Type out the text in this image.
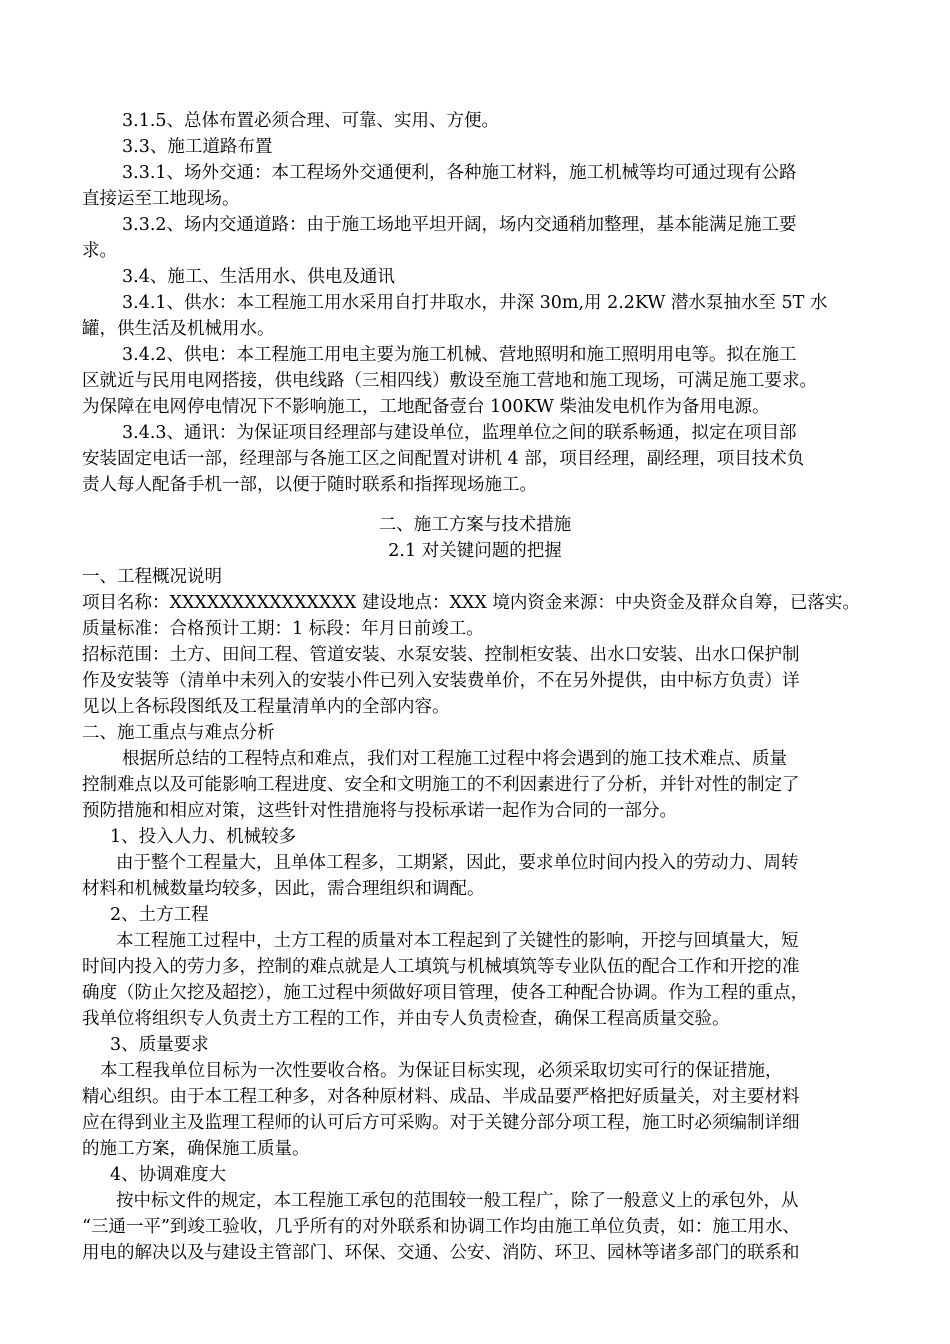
3.1.5、总体布置必须合理、可靠、实用、方便。
3.3、施工道路布置
3.3.1、场外交通：本工程场外交通便利，各种施工材料，施工机械等均可通过现有公路
直接运至工地现场。
3.3.2、场内交通道路：由于施工场地平坦开阔，场内交通稍加整理，基本能满足施工要
求。
3.4、施工、生活用水、供电及通讯
3.4.1、供水：本工程施工用水采用自打井取水，井深 30m,用 2.2KW 潜水泵抽水至 5T 水
罐，供生活及机械用水。
3.4.2、供电：本工程施工用电主要为施工机械、营地照明和施工照明用电等。拟在施工
区就近与民用电网搭接，供电线路（三相四线）敷设至施工营地和施工现场，可满足施工要求。
为保障在电网停电情况下不影响施工，工地配备壹台 100KW 柴油发电机作为备用电源。
3.4.3、通讯：为保证项目经理部与建设单位，监理单位之间的联系畅通，拟定在项目部
安装固定电话一部，经理部与各施工区之间配置对讲机 4 部，项目经理，副经理，项目技术负
责人每人配备手机一部，以便于随时联系和指挥现场施工。
二、施工方案与技术措施
2.1 对关键问题的把握
一、工程概况说明
项目名称：XXXXXXXXXXXXXXX 建设地点：XXX 境内资金来源：中央资金及群众自筹，已落实。
质量标准：合格预计工期：1 标段：年月日前竣工。
招标范围：土方、田间工程、管道安装、水泵安装、控制柜安装、出水口安装、出水口保护制
作及安装等（清单中未列入的安装小件已列入安装费单价，不在另外提供，由中标方负责）详
见以上各标段图纸及工程量清单内的全部内容。
二、施工重点与难点分析
根据所总结的工程特点和难点，我们对工程施工过程中将会遇到的施工技术难点、质量
控制难点以及可能影响工程进度、安全和文明施工的不利因素进行了分析，并针对性的制定了
预防措施和相应对策，这些针对性措施将与投标承诺一起作为合同的一部分。
1、投入人力、机械较多
由于整个工程量大，且单体工程多，工期紧，因此，要求单位时间内投入的劳动力、周转
材料和机械数量均较多，因此，需合理组织和调配。
2、土方工程
本工程施工过程中，土方工程的质量对本工程起到了关键性的影响，开挖与回填量大，短
时间内投入的劳力多，控制的难点就是人工填筑与机械填筑等专业队伍的配合工作和开挖的准
确度（防止欠挖及超挖），施工过程中须做好项目管理，使各工种配合协调。作为工程的重点，
我单位将组织专人负责土方工程的工作，并由专人负责检查，确保工程高质量交验。
3、质量要求
本工程我单位目标为一次性要收合格。为保证目标实现，必须采取切实可行的保证措施，
精心组织。由于本工程工种多，对各种原材料、成品、半成品要严格把好质量关，对主要材料
应在得到业主及监理工程师的认可后方可采购。对于关键分部分项工程，施工时必须编制详细
的施工方案，确保施工质量。
4、协调难度大
按中标文件的规定，本工程施工承包的范围较一般工程广，除了一般意义上的承包外，从
“三通一平”到竣工验收，几乎所有的对外联系和协调工作均由施工单位负责，如：施工用水、
用电的解决以及与建设主管部门、环保、交通、公安、消防、环卫、园林等诸多部门的联系和
